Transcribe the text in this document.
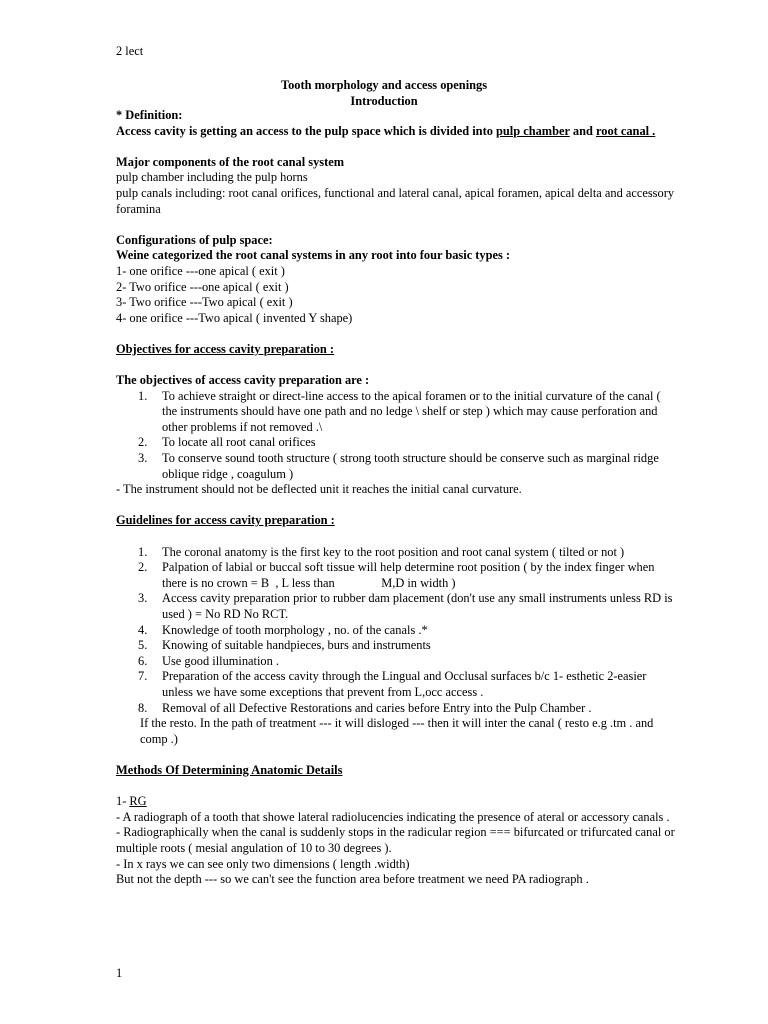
2 lect
Tooth morphology and access openings
Introduction

* Definition:

Access cavity is getting an access to the pulp space which is divided into pulp chamber and root canal .

Major components of the root canal system

pulp chamber including the pulp horns

pulp canals including: root canal orifices, functional and lateral canal, apical foramen, apical delta and accessory foramina

Configurations of pulp space:

Weine categorized the root canal systems in any root into four basic types :

1- one orifice ---one apical ( exit )

2- Two orifice ---one apical ( exit )

3- Two orifice ---Two apical ( exit )

4- one orifice ---Two apical ( invented Y shape)

Objectives for access cavity preparation :

The objectives of access cavity preparation are :

1.	To achieve straight or direct-line access to the apical foramen or to the initial curvature of the canal ( the instruments should have one path and no ledge \ shelf or step ) which may cause perforation and other problems if not removed .\
2.	To locate all root canal orifices
3.	To conserve sound tooth structure ( strong tooth structure should be conserve such as marginal ridge oblique ridge , coagulum )

- The instrument should not be deflected unit it reaches the initial canal curvature.

Guidelines for access cavity preparation :

1.	The coronal anatomy is the first key to the root position and root canal system ( tilted or not )
2.	Palpation of labial or buccal soft tissue will help determine root position ( by the index finger when there is no crown = B  , L less than               M,D in width )
3.	Access cavity preparation prior to rubber dam placement (don't use any small instruments unless RD is used ) = No RD No RCT.
4.	Knowledge of tooth morphology , no. of the canals .*
5.	Knowing of suitable handpieces, burs and instruments
6.	Use good illumination .
7.	Preparation of the access cavity through the Lingual and Occlusal surfaces b/c 1- esthetic 2-easier      unless we have some exceptions that prevent from L,occ access .
8.	Removal of all Defective Restorations and caries before Entry into the Pulp Chamber .

If the resto. In the path of treatment --- it will disloged --- then it will inter the canal ( resto e.g .tm . and comp .)

Methods Of Determining Anatomic Details

1- RG

- A radiograph of a tooth that showe lateral radiolucencies indicating the presence of ateral or accessory canals .

- Radiographically when the canal is suddenly stops in the radicular region === bifurcated or trifurcated canal or multiple roots ( mesial angulation of 10 to 30 degrees ).

- In x rays we can see only two dimensions ( length .width)

But not the depth --- so we can't see the function area before treatment we need PA radiograph .

1
